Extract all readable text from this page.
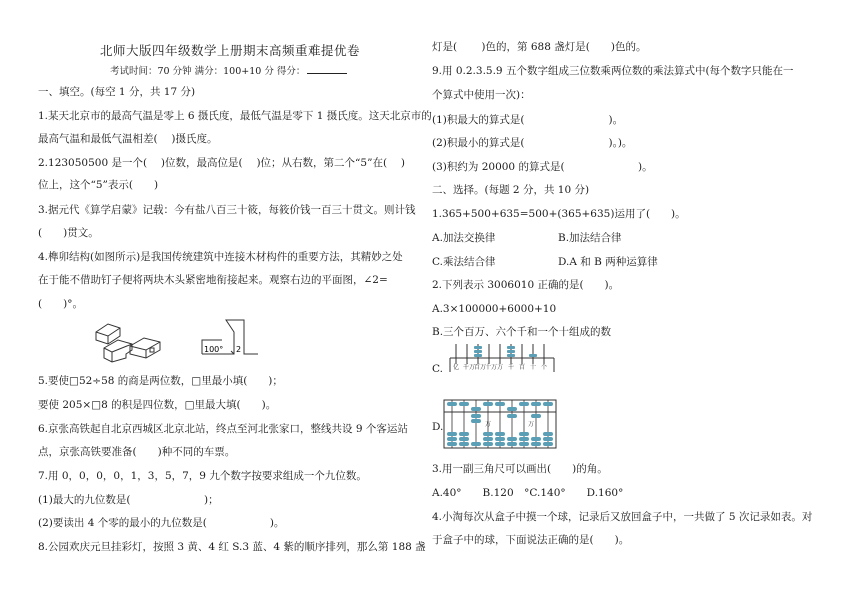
北师大版四年级数学上册期末高频重难提优卷
考试时间：70 分钟 满分：100+10 分 得分：
一、填空。(每空 1 分，共 17 分)
1.某天北京市的最高气温是零上 6 摄氏度，最低气温是零下 1 摄氏度。这天北京市的
最高气温和最低气温相差(　 )摄氏度。
2.123050500 是一个(　 )位数，最高位是(　 )位；从右数，第二个“5”在(　 )
位上，这个“5”表示(　　)
3.据元代《算学启蒙》记载：今有盐八百三十筱，每筱价钱一百三十贯文。则计钱
(　　)贯文。
4.榫卯结构(如图所示)是我国传统建筑中连接木材构件的重要方法，其精妙之处
在于能不借助钉子便将两块木头紧密地衔接起来。观察右边的平面图，∠2=
(　　)°。
100° 2
5.要使□52÷58 的商是两位数，□里最小填(　　)；
要使 205×□8 的积是四位数，□里最大填(　　)。
6.京张高铁起自北京西城区北京北站，终点至河北张家口，整线共设 9 个客运站
点，京张高铁要准备(　　)种不同的车票。
7.用 0，0，0，0，1，3，5，7，9 九个数字按要求组成一个九位数。
(1)最大的九位数是(　　　　　　　)；
(2)要读出 4 个零的最小的九位数是(　　　　　　)。
8.公园欢庆元旦挂彩灯，按照 3 黄、4 红 S.3 蓝、4 紫的顺序排列，那么第 188 盏
灯是(　　 )色的，第 688 盏灯是(　　)色的。
9.用 0.2.3.5.9 五个数字组成三位数乘两位数的乘法算式中(每个数字只能在一
个算式中使用一次)：
(1)积最大的算式是(　　　　　　　　)。
(2)积最小的算式是(　　　　　　　　)。)。
(3)积约为 20000 的算式是(　　　　　　　)。
二、选择。(每题 2 分，共 10 分)
1.365+500+635=500+(365+635)运用了(　　)。
A.加法交换律	B.加法结合律
C.乘法结合律	D.A 和 B 两种运算律
2.下列表示 3006010 正确的是(　　)。
A.3×100000+6000+10
B.三个百万、六个千和一个十组成的数
C.
D.
亿 千万
百万
十万 万 千 百 十 个
万	万
3.用一副三角尺可以画出(　　)的角。
A.40°　　B.120　°C.140°　　D.160°
4.小淘每次从盒子中摸一个球，记录后又放回盒子中，一共做了 5 次记录如表。对
于盒子中的球，下面说法正确的是(　　)。
